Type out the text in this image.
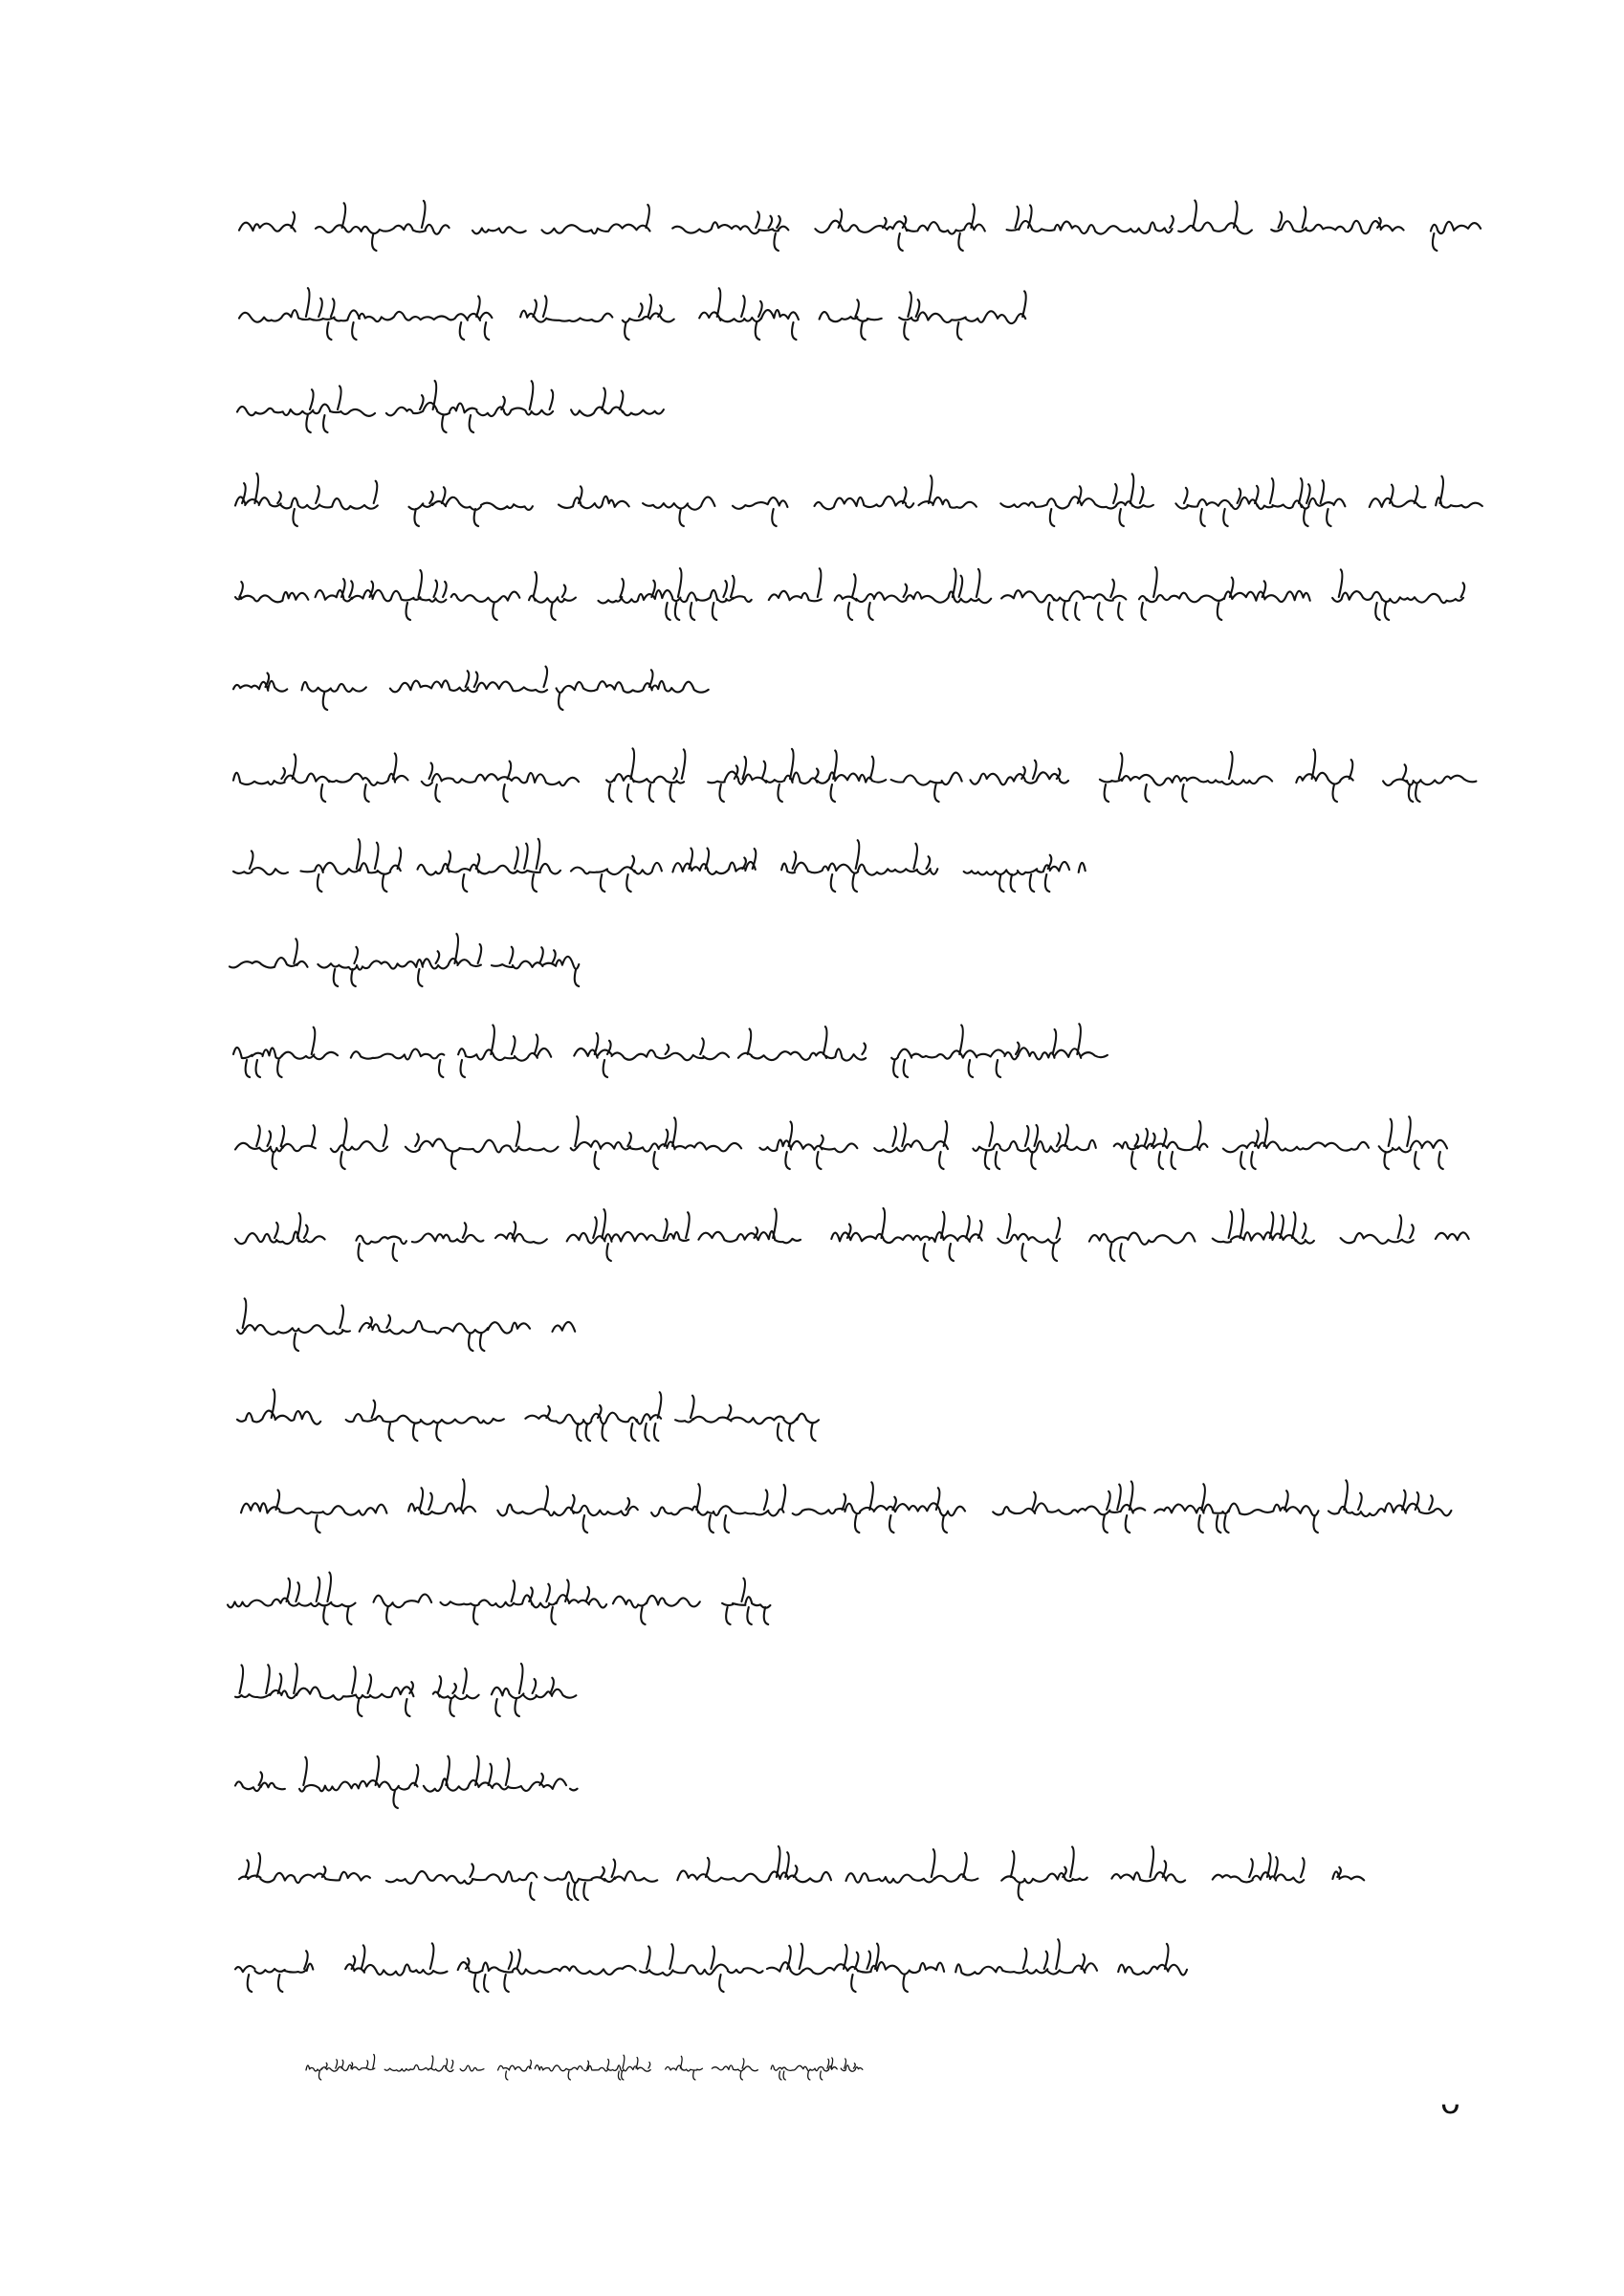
ᴗ
